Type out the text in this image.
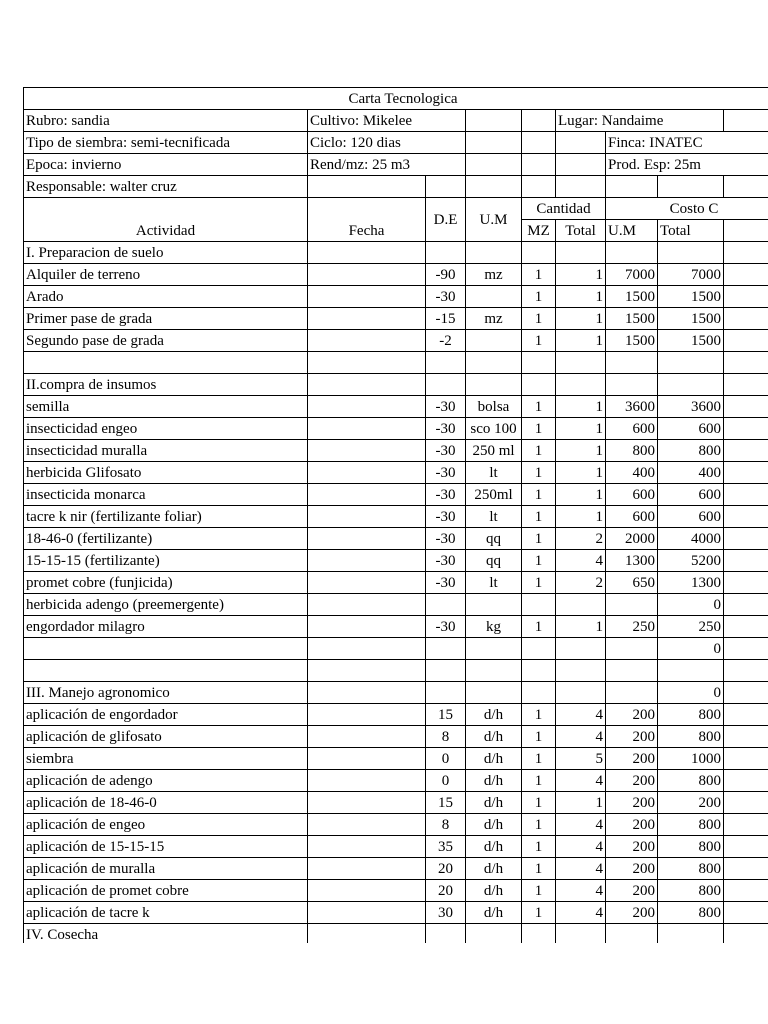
Carta Tecnologica								
Rubro: sandia	Cultivo: Mikelee				Lugar: Nandaime			
Tipo de siembra: semi-tecnificada	Ciclo: 120 dias					Finca: INATEC		
Epoca: invierno	Rend/mz: 25 m3					Prod. Esp: 25m		
Responsable: walter cruz								
Actividad	Fecha	D.E	U.M	Cantidad		Costo C		
				MZ	Total	U.M	Total	
I. Preparacion de suelo								
Alquiler de terreno		-90	mz	1	1	7000	7000	
Arado		-30		1	1	1500	1500	
Primer pase de grada		-15	mz	1	1	1500	1500	
Segundo pase de grada		-2		1	1	1500	1500	

II.compra de insumos								
semilla		-30	bolsa	1	1	3600	3600	
insecticidad engeo		-30	sco 100	1	1	600	600	
insecticidad muralla		-30	250 ml	1	1	800	800	
herbicida Glifosato		-30	lt	1	1	400	400	
insecticida monarca		-30	250ml	1	1	600	600	
tacre k nir (fertilizante foliar)		-30	lt	1	1	600	600	
18-46-0 (fertilizante)		-30	qq	1	2	2000	4000	
15-15-15 (fertilizante)		-30	qq	1	4	1300	5200	
promet cobre (funjicida)		-30	lt	1	2	650	1300	
herbicida adengo (preemergente)							0	
engordador milagro		-30	kg	1	1	250	250	
							0	

III. Manejo agronomico							0	
aplicación de engordador		15	d/h	1	4	200	800	
aplicación de glifosato		8	d/h	1	4	200	800	
siembra		0	d/h	1	5	200	1000	
aplicación de adengo		0	d/h	1	4	200	800	
aplicación de 18-46-0		15	d/h	1	1	200	200	
aplicación de engeo		8	d/h	1	4	200	800	
aplicación de 15-15-15		35	d/h	1	4	200	800	
aplicación de muralla		20	d/h	1	4	200	800	
aplicación de promet cobre		20	d/h	1	4	200	800	
aplicación de tacre k		30	d/h	1	4	200	800	
IV. Cosecha								
